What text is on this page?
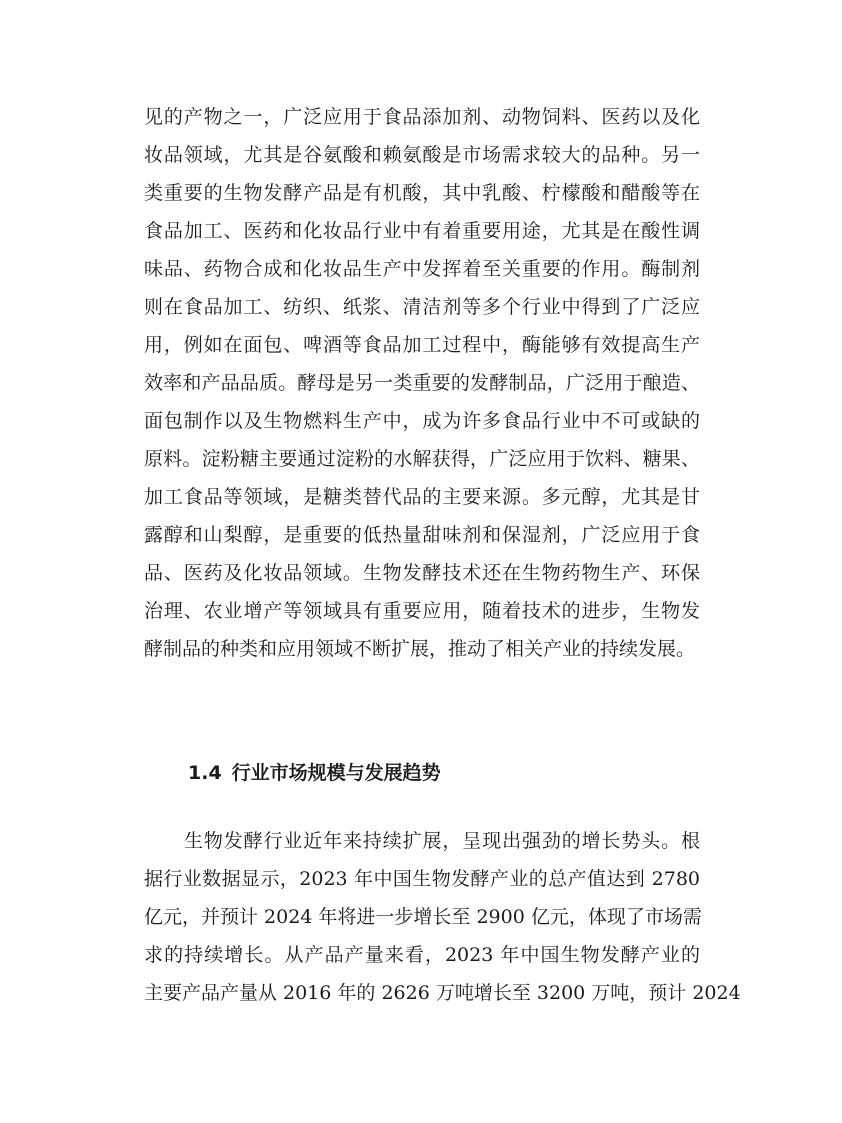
见的产物之一，广泛应用于食品添加剂、动物饲料、医药以及化
妆品领域，尤其是谷氨酸和赖氨酸是市场需求较大的品种。另一
类重要的生物发酵产品是有机酸，其中乳酸、柠檬酸和醋酸等在
食品加工、医药和化妆品行业中有着重要用途，尤其是在酸性调
味品、药物合成和化妆品生产中发挥着至关重要的作用。酶制剂
则在食品加工、纺织、纸浆、清洁剂等多个行业中得到了广泛应
用，例如在面包、啤酒等食品加工过程中，酶能够有效提高生产
效率和产品品质。酵母是另一类重要的发酵制品，广泛用于酿造、
面包制作以及生物燃料生产中，成为许多食品行业中不可或缺的
原料。淀粉糖主要通过淀粉的水解获得，广泛应用于饮料、糖果、
加工食品等领域，是糖类替代品的主要来源。多元醇，尤其是甘
露醇和山梨醇，是重要的低热量甜味剂和保湿剂，广泛应用于食
品、医药及化妆品领域。生物发酵技术还在生物药物生产、环保
治理、农业增产等领域具有重要应用，随着技术的进步，生物发
酵制品的种类和应用领域不断扩展，推动了相关产业的持续发展。
1.4 行业市场规模与发展趋势
生物发酵行业近年来持续扩展，呈现出强劲的增长势头。根
据行业数据显示，2023 年中国生物发酵产业的总产值达到 2780
亿元，并预计 2024 年将进一步增长至 2900 亿元，体现了市场需
求的持续增长。从产品产量来看，2023 年中国生物发酵产业的
主要产品产量从 2016 年的 2626 万吨增长至 3200 万吨，预计 2024
